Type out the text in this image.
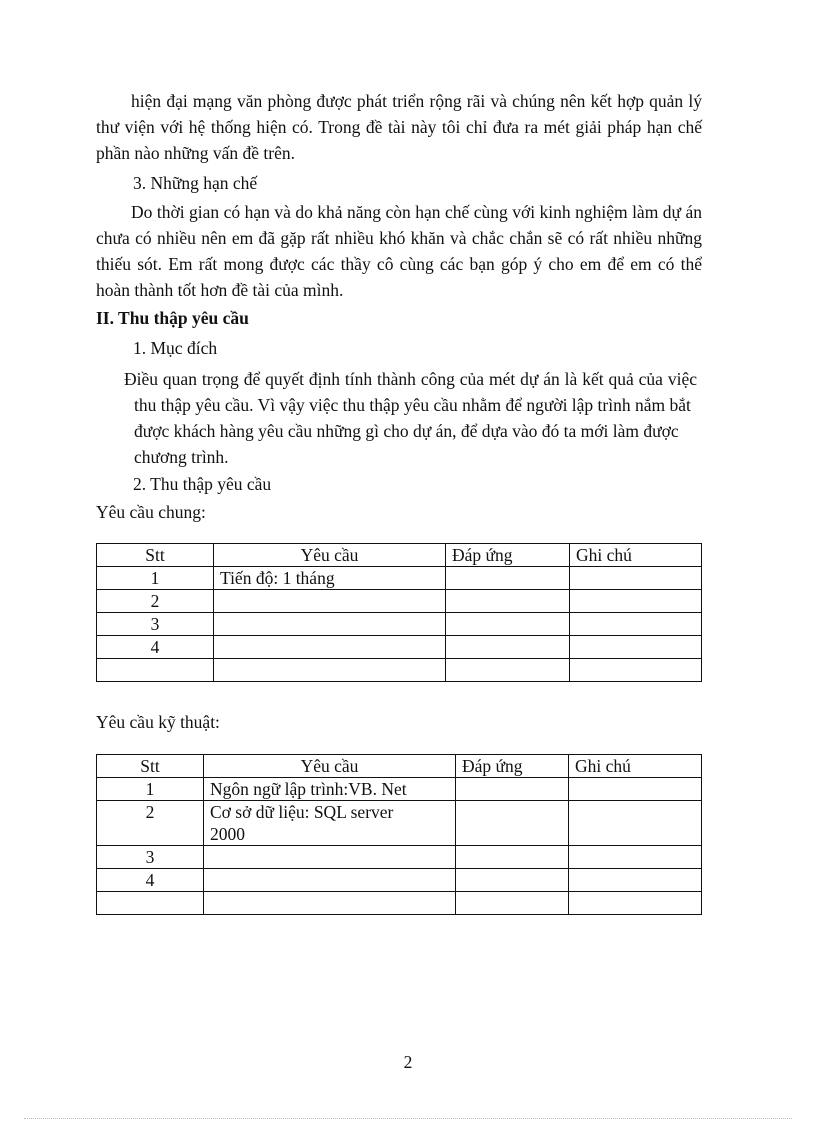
hiện đại mạng văn phòng được phát triển rộng rãi và chúng nên kết hợp quản lý

thư viện với hệ thống hiện có. Trong đề tài này tôi chỉ đưa ra mét giải pháp hạn chế

phần nào những vấn đề trên.

3. Những hạn chế

Do thời gian có hạn và do khả năng còn hạn chế cùng với kinh nghiệm làm dự án

chưa có nhiều nên em đã gặp rất nhiều khó khăn và chắc chắn sẽ có rất nhiều những

thiếu sót. Em rất mong được các thầy cô cùng các bạn góp ý cho em để em có thể

hoàn thành tốt hơn đề tài của mình.

II. Thu thập yêu cầu

1. Mục đích

Điều quan trọng để quyết định tính thành công của mét dự án là kết quả của việc

thu thập yêu cầu. Vì vậy việc thu thập yêu cầu nhằm để người lập trình nắm bắt

được khách hàng yêu cầu những gì cho dự án, để dựa vào đó ta mới làm được

chương trình.

2. Thu thập yêu cầu

Yêu cầu chung:

Stt	Yêu cầu	Đáp ứng	Ghi chú
1	Tiến độ: 1 tháng		
2			
3			
4			

Yêu cầu kỹ thuật:

Stt	Yêu cầu	Đáp ứng	Ghi chú
1	Ngôn ngữ lập trình:VB. Net		
2	Cơ sở dữ liệu: SQL server 2000		
3			
4			

2
